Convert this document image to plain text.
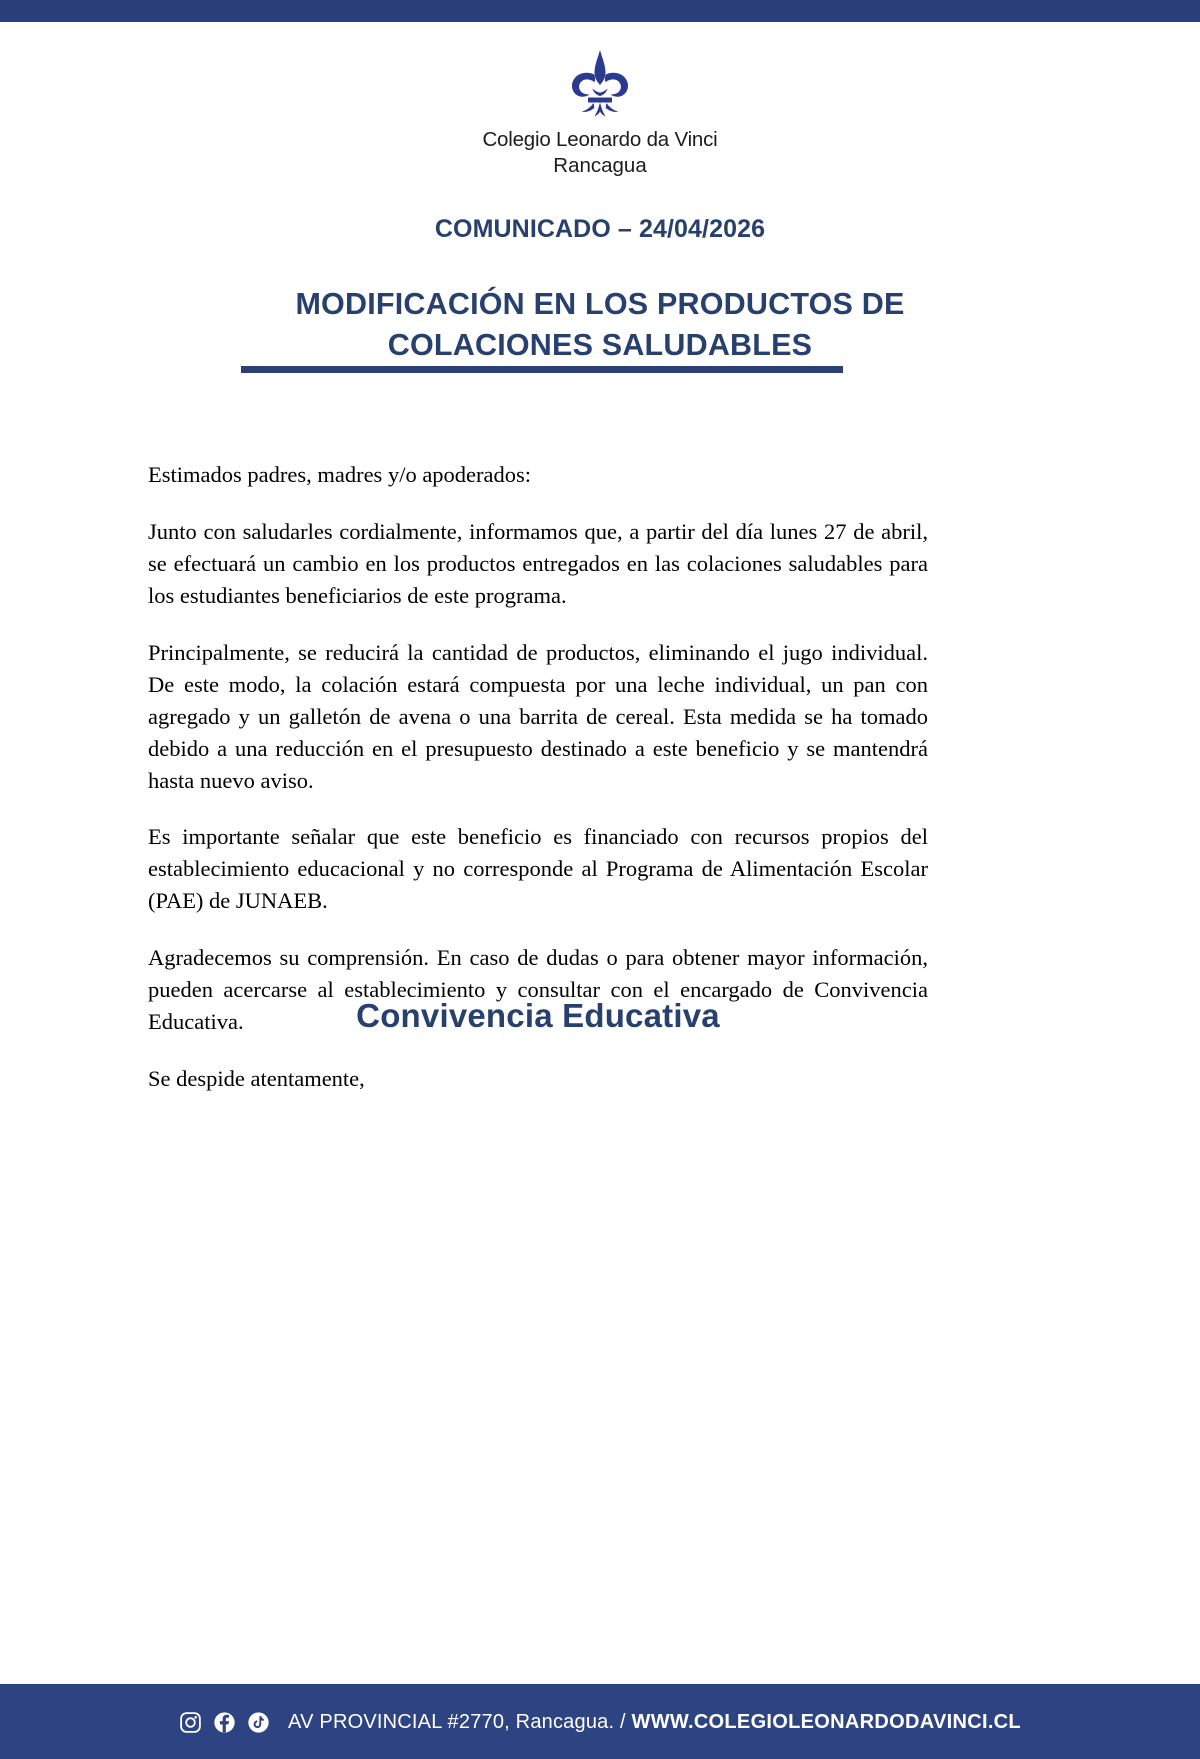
Colegio Leonardo da Vinci
Rancagua
COMUNICADO – 24/04/2026
MODIFICACIÓN EN LOS PRODUCTOS DE
COLACIONES SALUDABLES

Estimados padres, madres y/o apoderados:

Junto con saludarles cordialmente, informamos que, a partir del día lunes 27 de abril, se efectuará un cambio en los productos entregados en las colaciones saludables para los estudiantes beneficiarios de este programa.

Principalmente, se reducirá la cantidad de productos, eliminando el jugo individual. De este modo, la colación estará compuesta por una leche individual, un pan con agregado y un galletón de avena o una barrita de cereal. Esta medida se ha tomado debido a una reducción en el presupuesto destinado a este beneficio y se mantendrá hasta nuevo aviso.

Es importante señalar que este beneficio es financiado con recursos propios del establecimiento educacional y no corresponde al Programa de Alimentación Escolar (PAE) de JUNAEB.

Agradecemos su comprensión. En caso de dudas o para obtener mayor información, pueden acercarse al establecimiento y consultar con el encargado de Convivencia Educativa.

Se despide atentamente,

Convivencia Educativa
AV PROVINCIAL #2770, Rancagua. / WWW.COLEGIOLEONARDODAVINCI.CL
